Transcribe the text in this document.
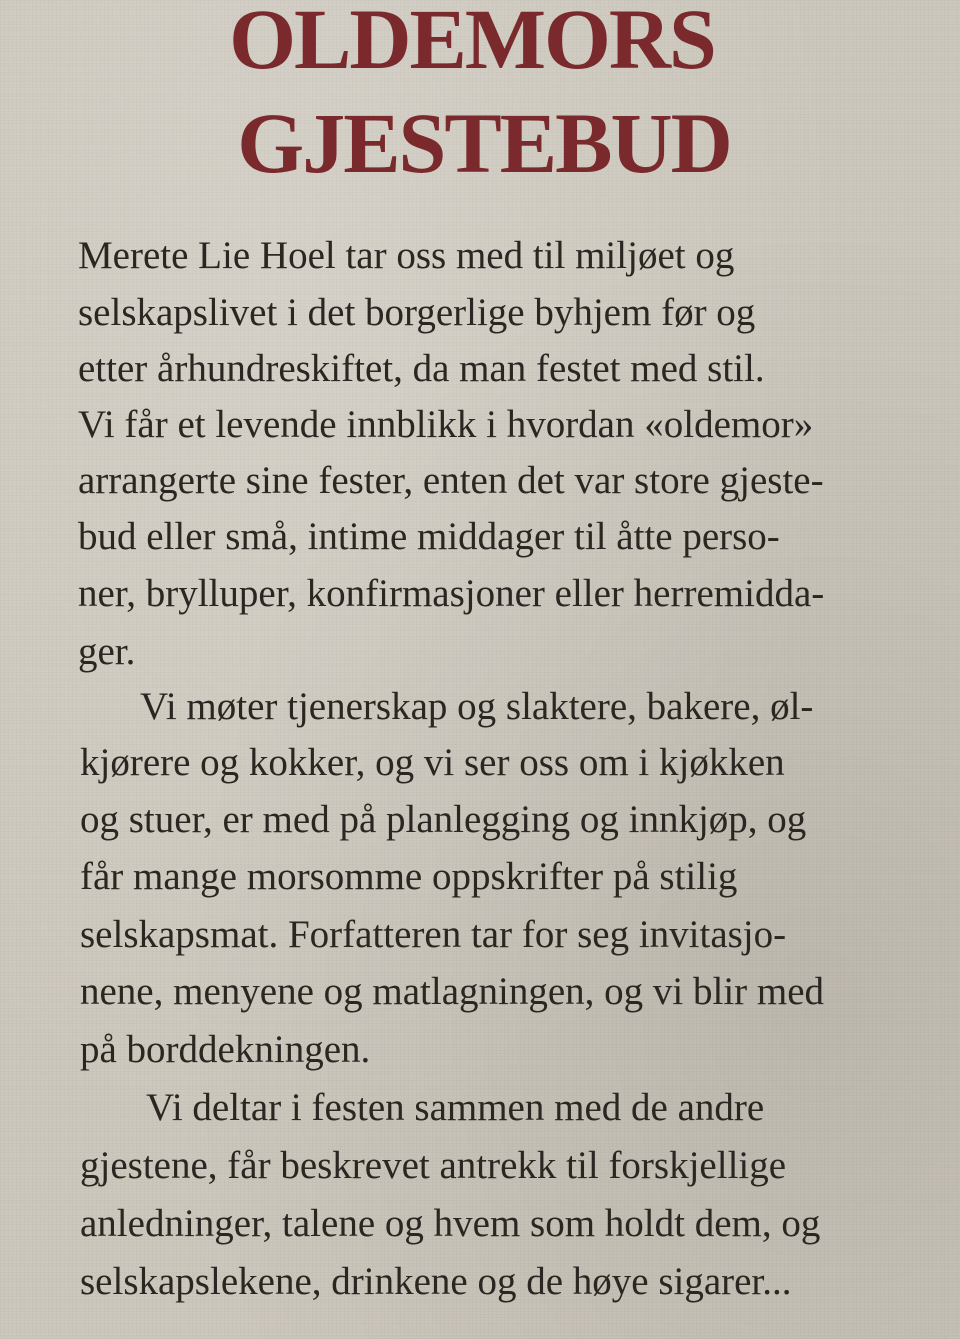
OLDEMORS
GJESTEBUD

Merete Lie Hoel tar oss med til miljøet og

selskapslivet i det borgerlige byhjem før og

etter århundreskiftet, da man festet med stil.

Vi får et levende innblikk i hvordan «oldemor»

arrangerte sine fester, enten det var store gjeste-

bud eller små, intime middager til åtte perso-

ner, brylluper, konfirmasjoner eller herremidda-

ger.

Vi møter tjenerskap og slaktere, bakere, øl-

kjørere og kokker, og vi ser oss om i kjøkken

og stuer, er med på planlegging og innkjøp, og

får mange morsomme oppskrifter på stilig

selskapsmat. Forfatteren tar for seg invitasjo-

nene, menyene og matlagningen, og vi blir med

på borddekningen.

Vi deltar i festen sammen med de andre

gjestene, får beskrevet antrekk til forskjellige

anledninger, talene og hvem som holdt dem, og

selskapslekene, drinkene og de høye sigarer...
